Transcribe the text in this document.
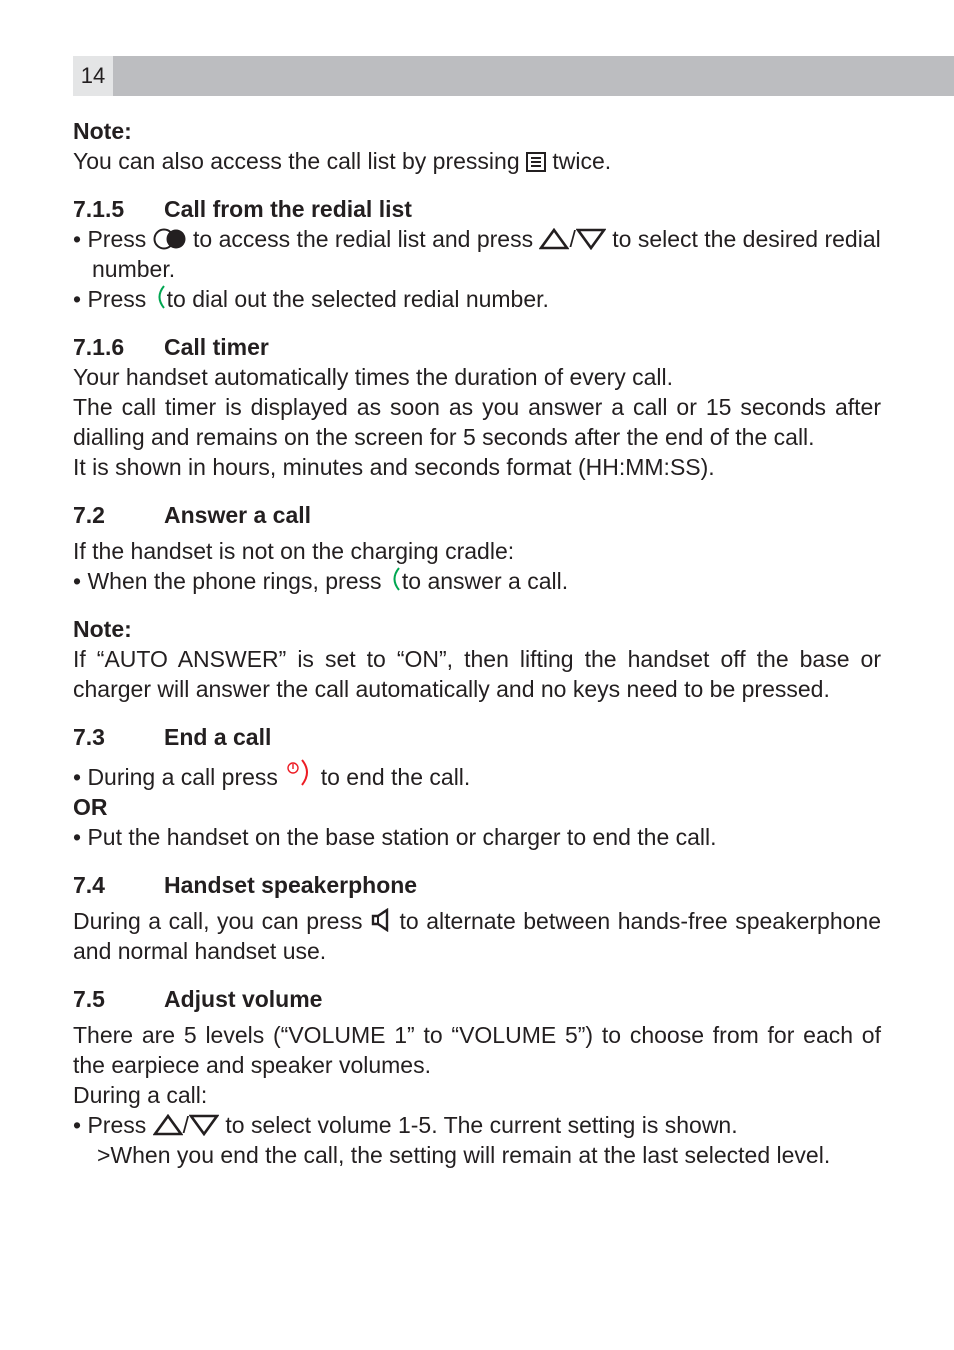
14

Note:

You can also access the call list by pressing twice.

7.1.5 Call from the redial list

• Press to access the redial list and press / to select the desired redial number.

• Press to dial out the selected redial number.

7.1.6 Call timer

Your handset automatically times the duration of every call.

The call timer is displayed as soon as you answer a call or 15 seconds after dialling and remains on the screen for 5 seconds after the end of the call.

It is shown in hours, minutes and seconds format (HH:MM:SS).

7.2	Answer a call

If the handset is not on the charging cradle:

• When the phone rings, press to answer a call.

Note:

If “AUTO ANSWER” is set to “ON”, then lifting the handset off the base or charger will answer the call automatically and no keys need to be pressed.

7.3	End a call

• During a call press to end the call.

OR

• Put the handset on the base station or charger to end the call.

7.4	Handset speakerphone

During a call, you can press to alternate between hands-free speakerphone and normal handset use.

7.5	Adjust volume

There are 5 levels (“VOLUME 1” to “VOLUME 5”) to choose from for each of the earpiece and speaker volumes.

During a call:

• Press / to select volume 1-5. The current setting is shown.

>When you end the call, the setting will remain at the last selected level.
